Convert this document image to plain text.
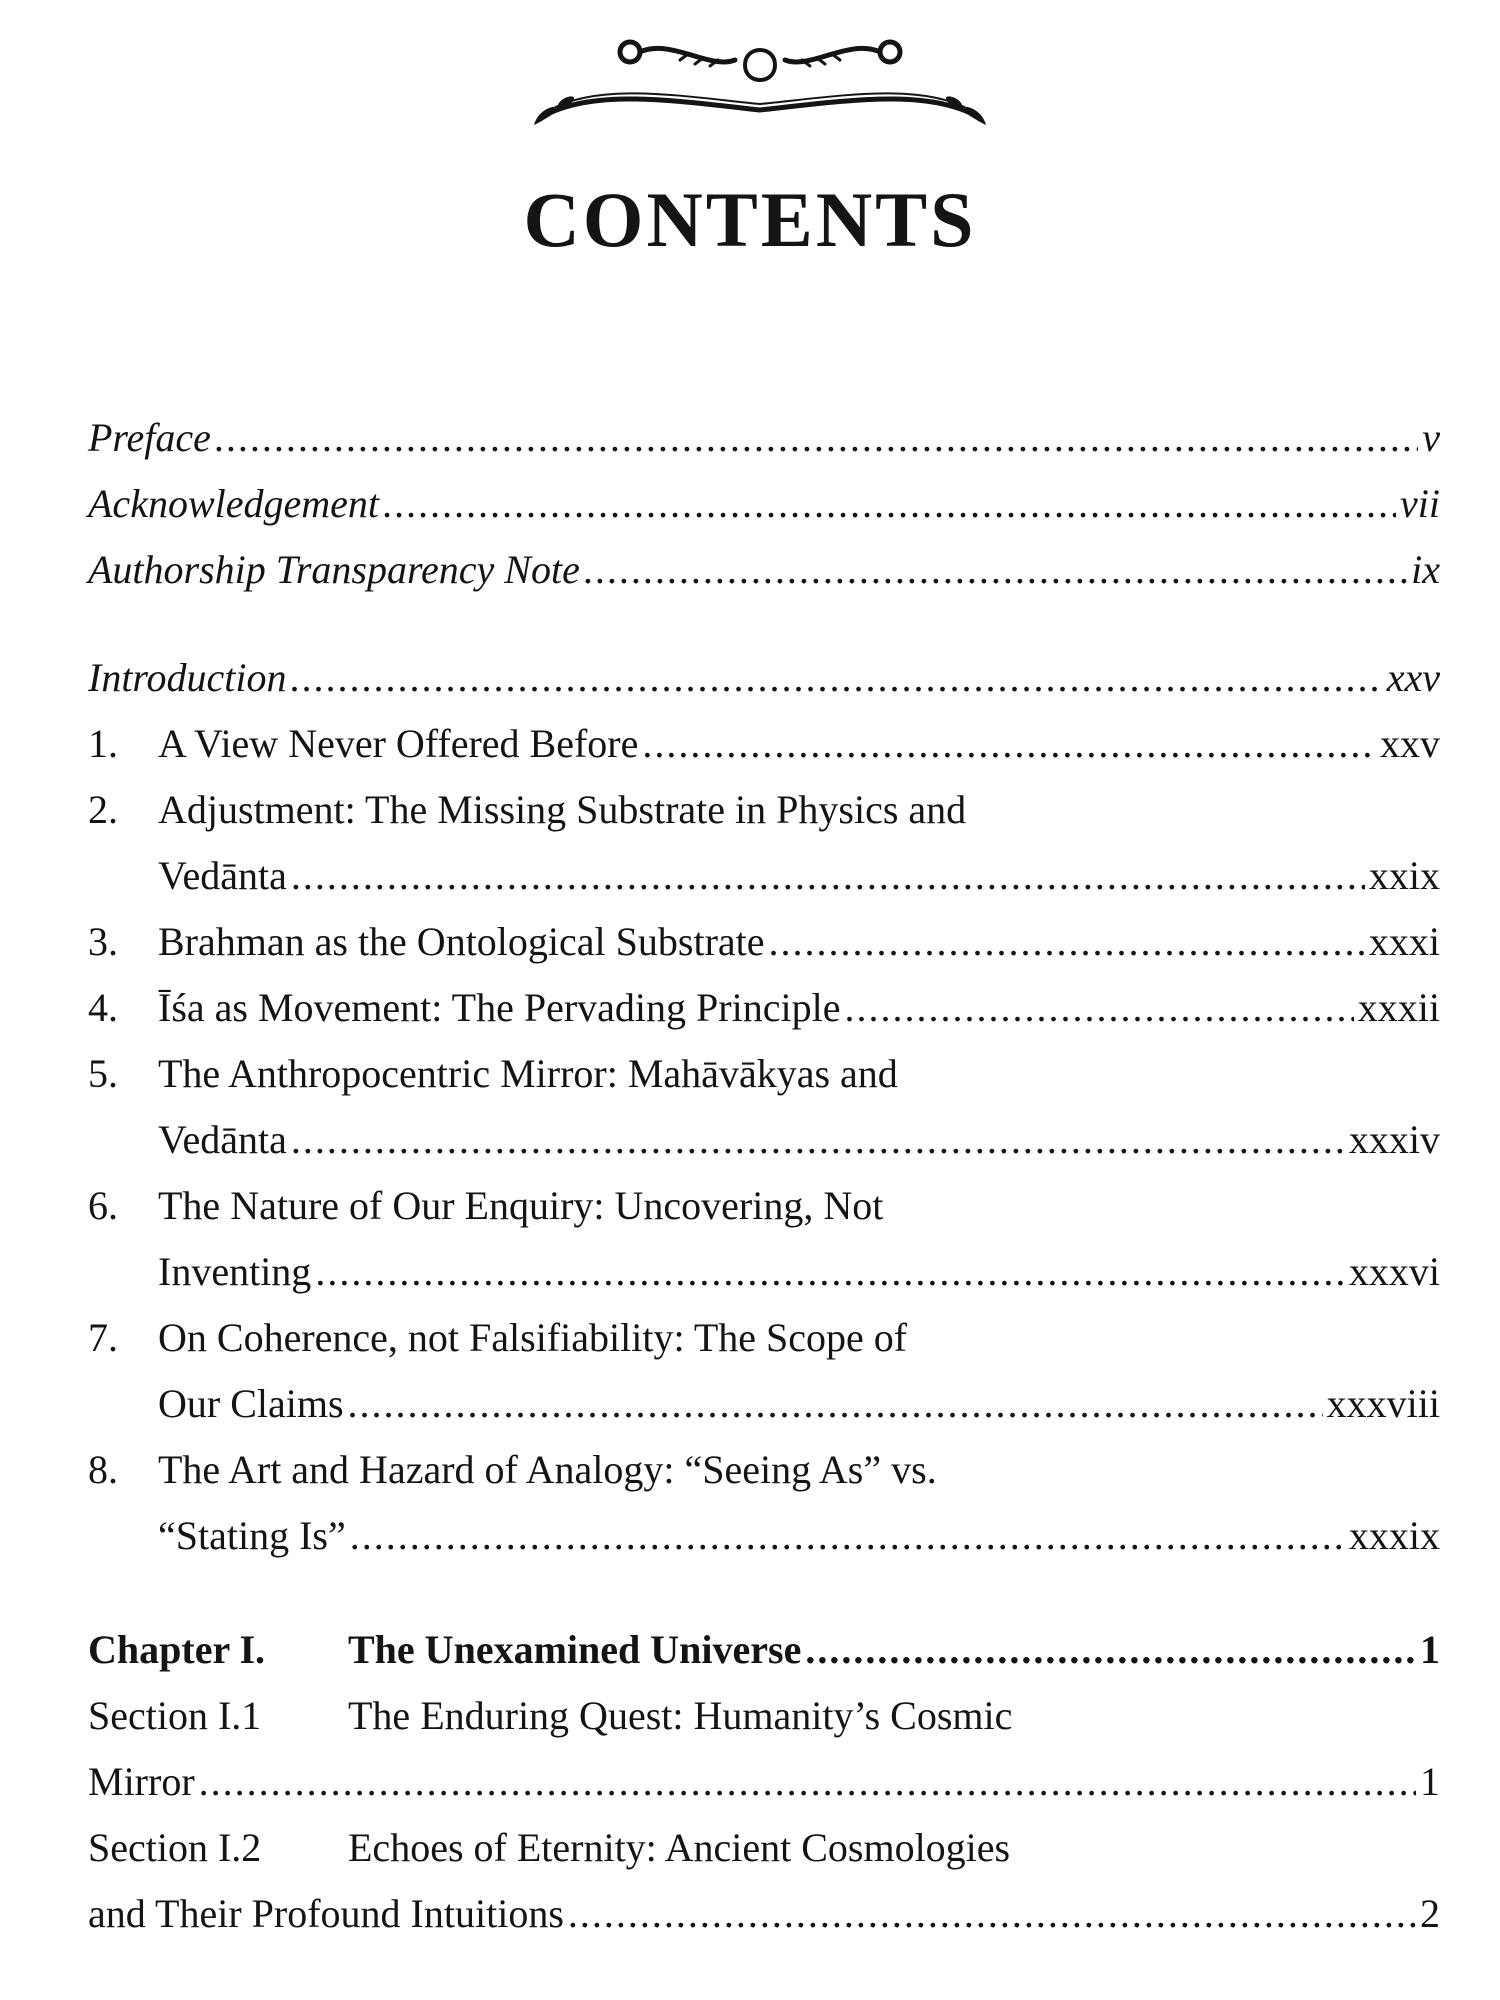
CONTENTS
Preface .....	v
Acknowledgement .....	vii
Authorship Transparency Note .....	ix
Introduction .....	xxv
1.	A View Never Offered Before .....	xxv
2.	Adjustment: The Missing Substrate in Physics and
Vedānta .....	xxix
3.	Brahman as the Ontological Substrate .....	xxxi
4.	Īśa as Movement: The Pervading Principle .....	xxxii
5.	The Anthropocentric Mirror: Mahāvākyas and
Vedānta .....	xxxiv
6.	The Nature of Our Enquiry: Uncovering, Not
Inventing .....	xxxvi
7.	On Coherence, not Falsifiability: The Scope of
Our Claims .....	xxxviii
8.	The Art and Hazard of Analogy: “Seeing As” vs.
“Stating Is” .....	xxxix
Chapter I.	The Unexamined Universe .....	1
Section I.1	The Enduring Quest: Humanity’s Cosmic
Mirror .....	1
Section I.2	Echoes of Eternity: Ancient Cosmologies
and Their Profound Intuitions .....	2
